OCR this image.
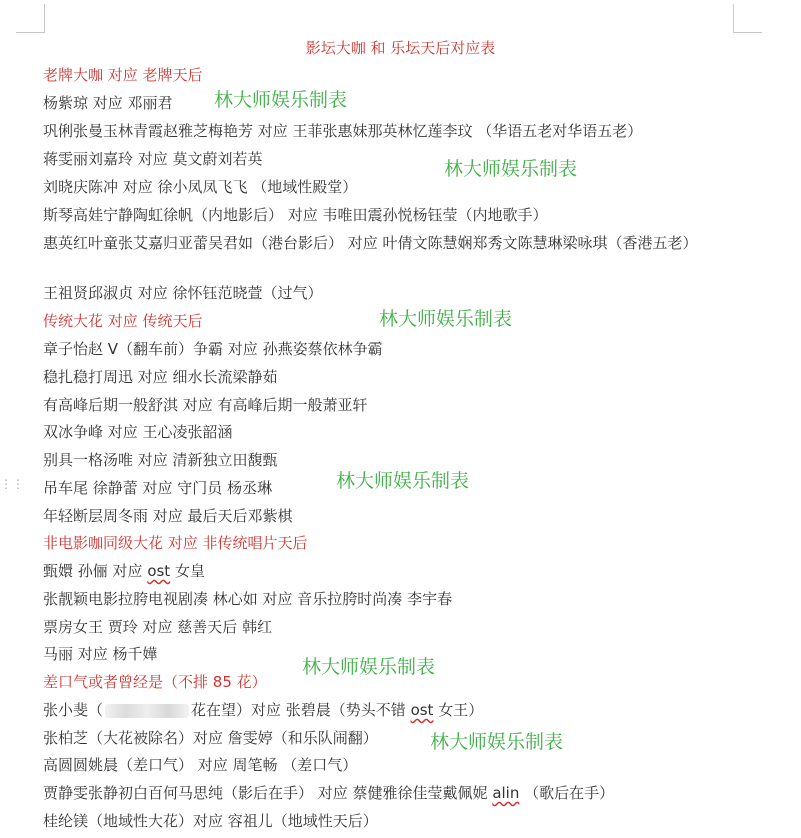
⋮⋮
影坛大咖 和 乐坛天后对应表
老牌大咖 对应 老牌天后
杨紫琼 对应 邓丽君
巩俐张曼玉林青霞赵雅芝梅艳芳 对应 王菲张惠妹那英林忆莲李玟 （华语五老对华语五老）
蒋雯丽刘嘉玲 对应 莫文蔚刘若英
刘晓庆陈冲 对应 徐小凤凤飞飞 （地域性殿堂）
斯琴高娃宁静陶虹徐帆（内地影后） 对应 韦唯田震孙悦杨钰莹（内地歌手）
惠英红叶童张艾嘉归亚蕾吴君如（港台影后） 对应 叶倩文陈慧娴郑秀文陈慧琳梁咏琪（香港五老）
王祖贤邱淑贞 对应 徐怀钰范晓萱（过气）
传统大花 对应 传统天后
章子怡赵 V（翻车前）争霸 对应 孙燕姿蔡依林争霸
稳扎稳打周迅 对应 细水长流梁静茹
有高峰后期一般舒淇 对应 有高峰后期一般萧亚轩
双冰争峰 对应 王心凌张韶涵
别具一格汤唯 对应 清新独立田馥甄
吊车尾 徐静蕾 对应 守门员 杨丞琳
年轻断层周冬雨 对应 最后天后邓紫棋
非电影咖同级大花 对应 非传统唱片天后
甄嬛 孙俪 对应 ost 女皇
张靓颖电影拉胯电视剧凑 林心如 对应 音乐拉胯时尚凑 李宇春
票房女王 贾玲 对应 慈善天后 韩红
马丽 对应 杨千嬅
差口气或者曾经是（不排 85 花）
张小斐（	花在望）对应 张碧晨（势头不错 ost 女王）
张柏芝（大花被除名）对应 詹雯婷（和乐队闹翻）
高圆圆姚晨（差口气） 对应 周笔畅 （差口气）
贾静雯张静初白百何马思纯（影后在手） 对应 蔡健雅徐佳莹戴佩妮 alin （歌后在手）
桂纶镁（地域性大花）对应 容祖儿（地域性天后）
林大师娱乐制表
林大师娱乐制表
林大师娱乐制表
林大师娱乐制表
林大师娱乐制表
林大师娱乐制表
